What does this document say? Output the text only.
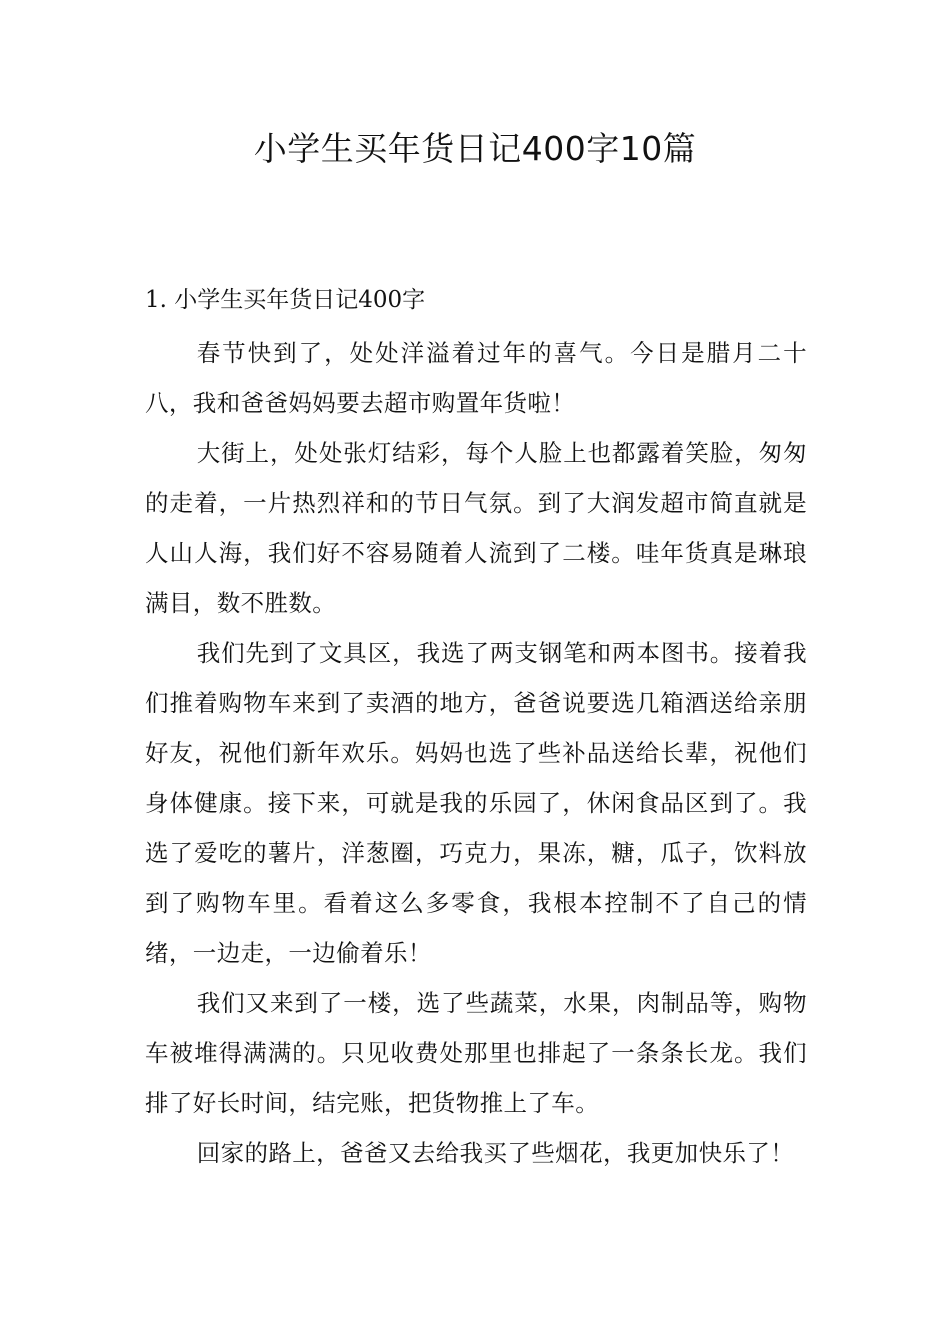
小学生买年货日记400字10篇
1. 小学生买年货日记400字

春节快到了，处处洋溢着过年的喜气。今日是腊月二十八，我和爸爸妈妈要去超市购置年货啦！

大街上，处处张灯结彩，每个人脸上也都露着笑脸，匆匆的走着，一片热烈祥和的节日气氛。到了大润发超市简直就是人山人海，我们好不容易随着人流到了二楼。哇年货真是琳琅满目，数不胜数。

我们先到了文具区，我选了两支钢笔和两本图书。接着我们推着购物车来到了卖酒的地方，爸爸说要选几箱酒送给亲朋好友，祝他们新年欢乐。妈妈也选了些补品送给长辈，祝他们身体健康。接下来，可就是我的乐园了，休闲食品区到了。我选了爱吃的薯片，洋葱圈，巧克力，果冻，糖，瓜子，饮料放到了购物车里。看着这么多零食，我根本控制不了自己的情绪，一边走，一边偷着乐！

我们又来到了一楼，选了些蔬菜，水果，肉制品等，购物车被堆得满满的。只见收费处那里也排起了一条条长龙。我们排了好长时间，结完账，把货物推上了车。

回家的路上，爸爸又去给我买了些烟花，我更加快乐了！
